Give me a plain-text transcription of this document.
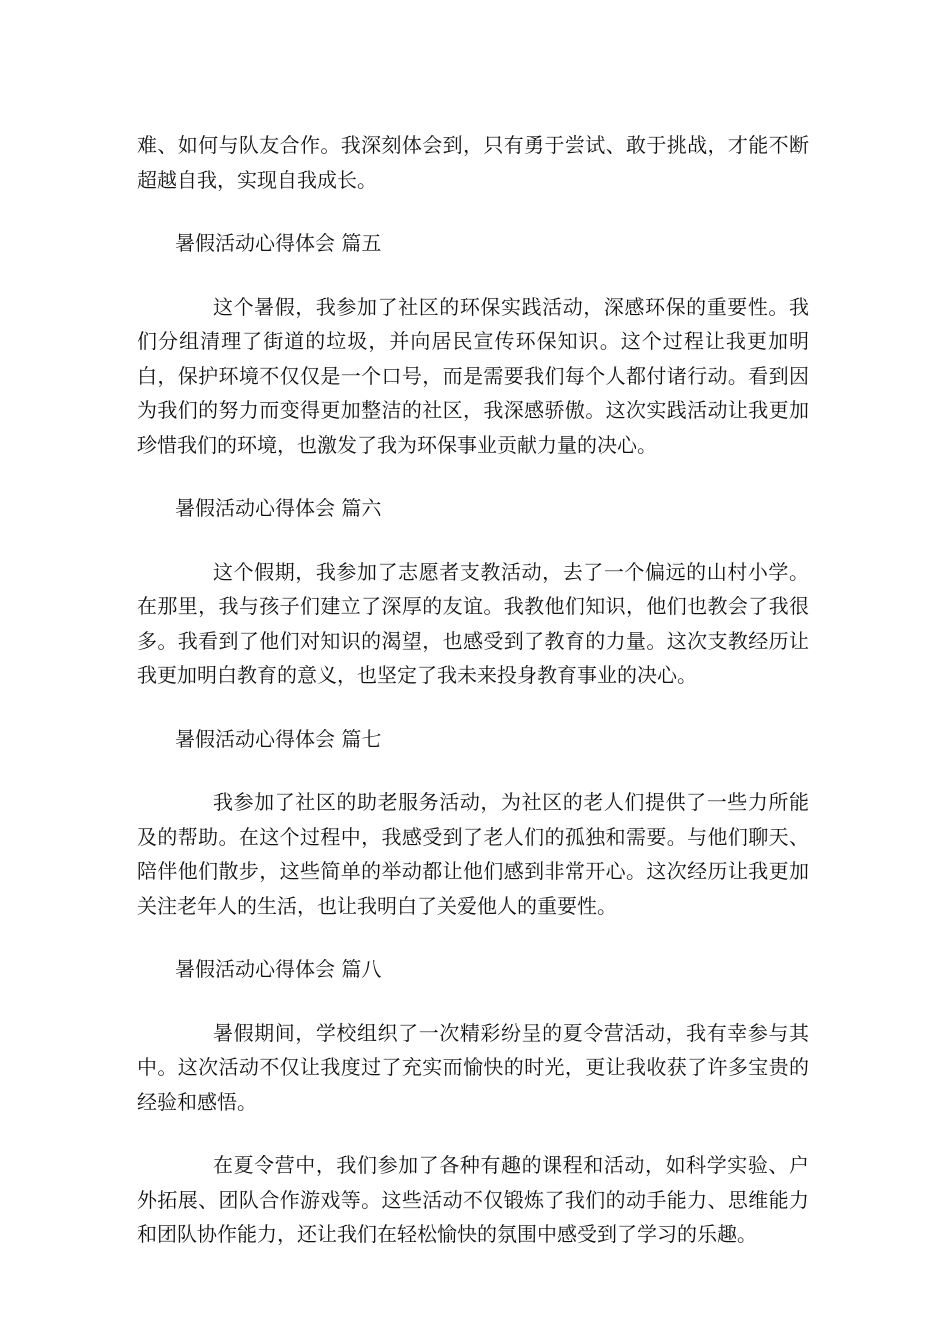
难、如何与队友合作。我深刻体会到，只有勇于尝试、敢于挑战，才能不断超越自我，实现自我成长。

暑假活动心得体会 篇五

这个暑假，我参加了社区的环保实践活动，深感环保的重要性。我们分组清理了街道的垃圾，并向居民宣传环保知识。这个过程让我更加明白，保护环境不仅仅是一个口号，而是需要我们每个人都付诸行动。看到因为我们的努力而变得更加整洁的社区，我深感骄傲。这次实践活动让我更加珍惜我们的环境，也激发了我为环保事业贡献力量的决心。

暑假活动心得体会 篇六

这个假期，我参加了志愿者支教活动，去了一个偏远的山村小学。在那里，我与孩子们建立了深厚的友谊。我教他们知识，他们也教会了我很多。我看到了他们对知识的渴望，也感受到了教育的力量。这次支教经历让我更加明白教育的意义，也坚定了我未来投身教育事业的决心。

暑假活动心得体会 篇七

我参加了社区的助老服务活动，为社区的老人们提供了一些力所能及的帮助。在这个过程中，我感受到了老人们的孤独和需要。与他们聊天、陪伴他们散步，这些简单的举动都让他们感到非常开心。这次经历让我更加关注老年人的生活，也让我明白了关爱他人的重要性。

暑假活动心得体会 篇八

暑假期间，学校组织了一次精彩纷呈的夏令营活动，我有幸参与其中。这次活动不仅让我度过了充实而愉快的时光，更让我收获了许多宝贵的经验和感悟。

在夏令营中，我们参加了各种有趣的课程和活动，如科学实验、户外拓展、团队合作游戏等。这些活动不仅锻炼了我们的动手能力、思维能力和团队协作能力，还让我们在轻松愉快的氛围中感受到了学习的乐趣。
